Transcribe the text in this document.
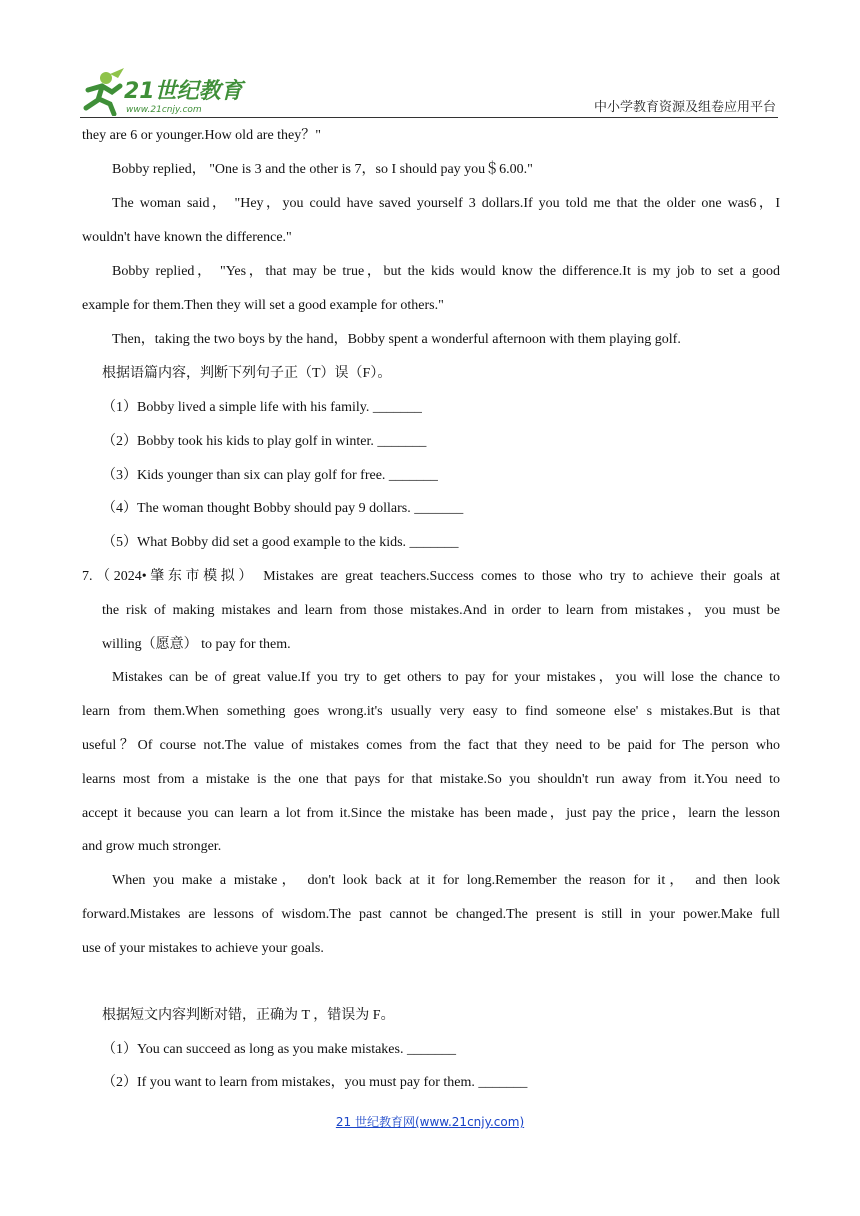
21世纪教育
www.21cnjy.com	中小学教育资源及组卷应用平台
they are 6 or younger.How old are they？"
Bobby replied， "One is 3 and the other is 7，so I should pay you＄6.00."
The woman said， "Hey，you could have saved yourself 3 dollars.If you told me that the older one was6，I
wouldn't have known the difference."
Bobby replied， "Yes，that may be true，but the kids would know the difference.It is my job to set a good
example for them.Then they will set a good example for others."
Then，taking the two boys by the hand，Bobby spent a wonderful afternoon with them playing golf.
根据语篇内容，判断下列句子正（T）误（F）。
（1）Bobby lived a simple life with his family. _______
（2）Bobby took his kids to play golf in winter. _______
（3）Kids younger than six can play golf for free. _______
（4）The woman thought Bobby should pay 9 dollars. _______
（5）What Bobby did set a good example to the kids. _______
7.（2024•肇东市模拟） Mistakes are great teachers.Success comes to those who try to achieve their goals at
the risk of making mistakes and learn from those mistakes.And in order to learn from mistakes，you must be
willing（愿意） to pay for them.
Mistakes can be of great value.If you try to get others to pay for your mistakes，you will lose the chance to
learn from them.When something goes wrong.it's usually very easy to find someone else' s mistakes.But is that
useful？Of course not.The value of mistakes comes from the fact that they need to be paid for The person who
learns most from a mistake is the one that pays for that mistake.So you shouldn't run away from it.You need to
accept it because you can learn a lot from it.Since the mistake has been made，just pay the price，learn the lesson
and grow much stronger.
When you make a mistake， don't look back at it for long.Remember the reason for it， and then look
forward.Mistakes are lessons of wisdom.The past cannot be changed.The present is still in your power.Make full
use of your mistakes to achieve your goals.
根据短文内容判断对错，正确为 T ，错误为 F。
（1）You can succeed as long as you make mistakes. _______
（2）If you want to learn from mistakes，you must pay for them. _______
21 世纪教育网(www.21cnjy.com)
